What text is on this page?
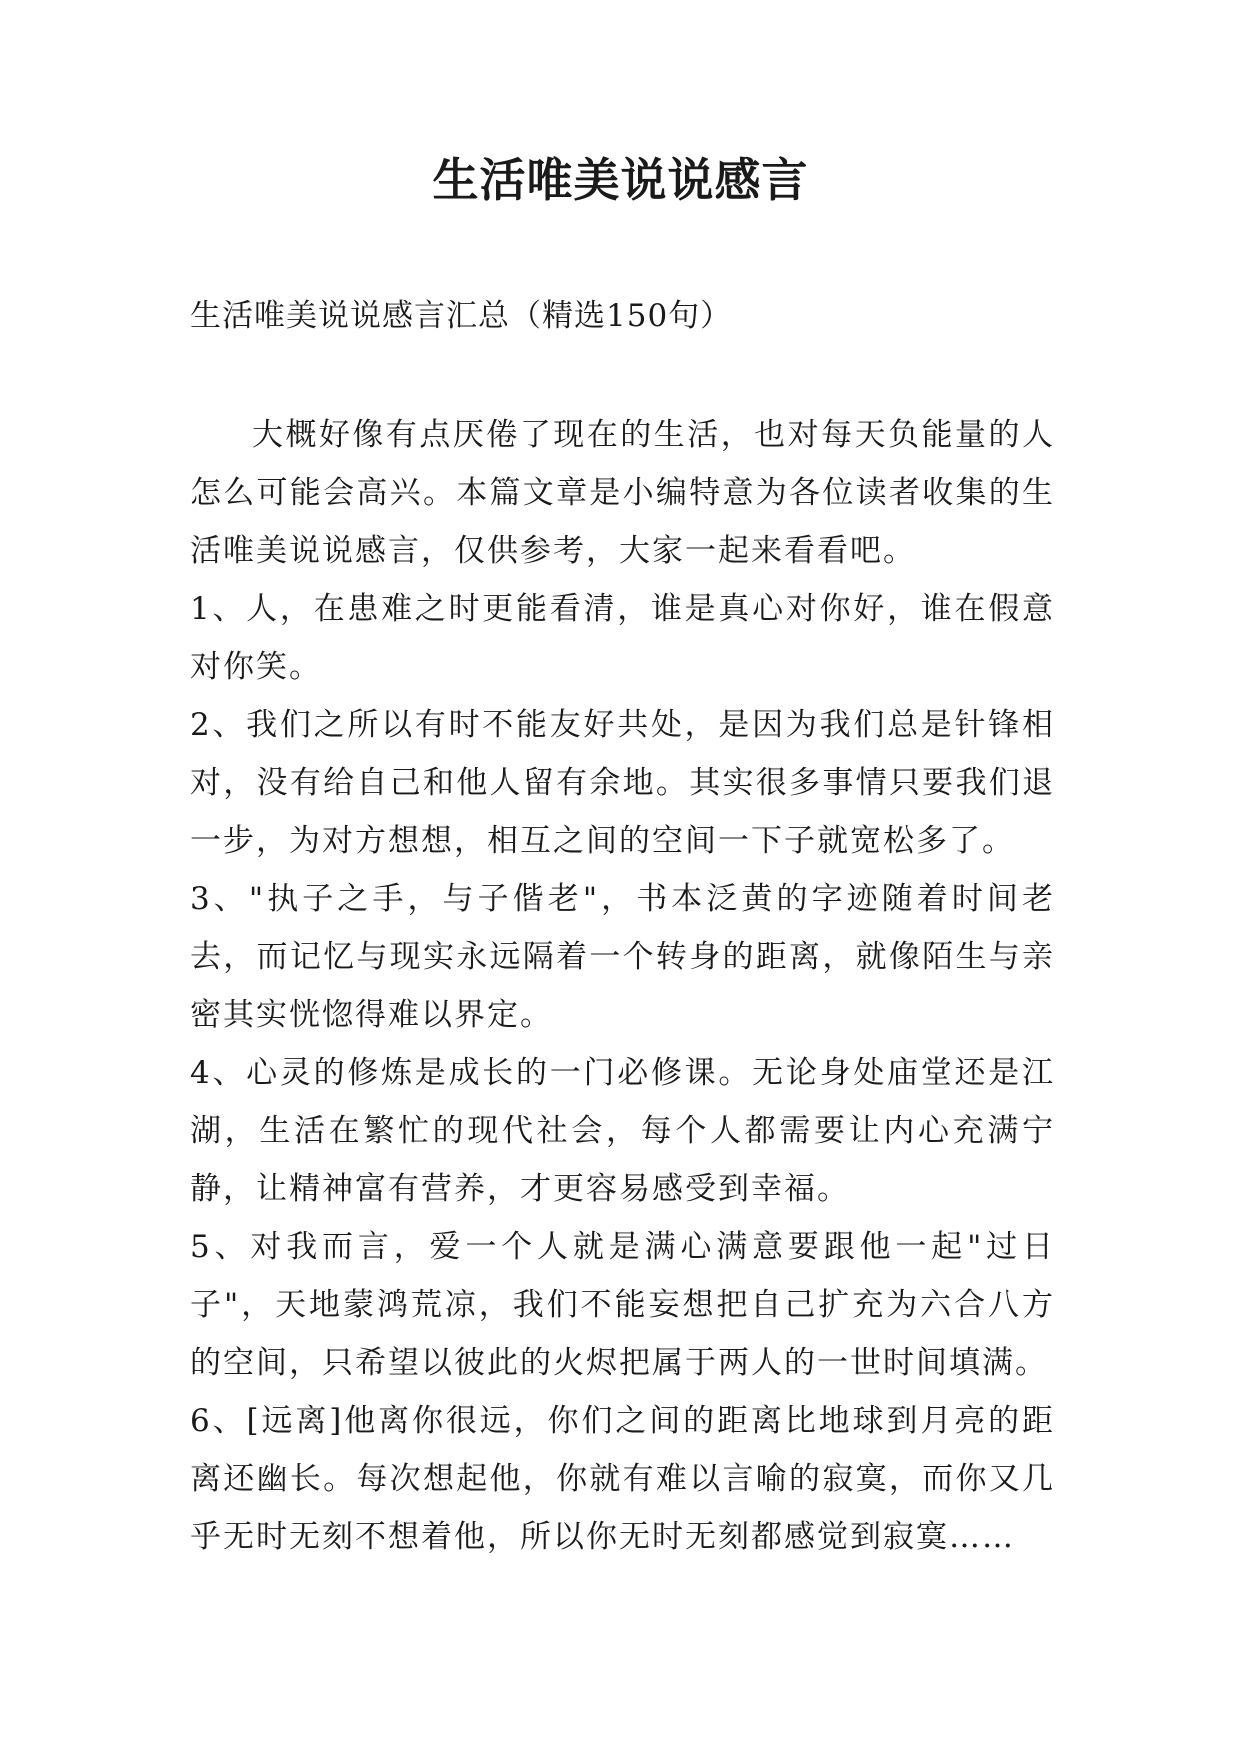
生活唯美说说感言
生活唯美说说感言汇总（精选150句）

大概好像有点厌倦了现在的生活，也对每天负能量的人怎么可能会高兴。本篇文章是小编特意为各位读者收集的生活唯美说说感言，仅供参考，大家一起来看看吧。

1、人，在患难之时更能看清，谁是真心对你好，谁在假意对你笑。

2、我们之所以有时不能友好共处，是因为我们总是针锋相对，没有给自己和他人留有余地。其实很多事情只要我们退一步，为对方想想，相互之间的空间一下子就宽松多了。

3、"执子之手，与子偕老"，书本泛黄的字迹随着时间老去，而记忆与现实永远隔着一个转身的距离，就像陌生与亲密其实恍惚得难以界定。

4、心灵的修炼是成长的一门必修课。无论身处庙堂还是江湖，生活在繁忙的现代社会，每个人都需要让内心充满宁静，让精神富有营养，才更容易感受到幸福。

5、对我而言，爱一个人就是满心满意要跟他一起"过日子"，天地蒙鸿荒凉，我们不能妄想把自己扩充为六合八方的空间，只希望以彼此的火烬把属于两人的一世时间填满。

6、[远离]他离你很远，你们之间的距离比地球到月亮的距离还幽长。每次想起他，你就有难以言喻的寂寞，而你又几乎无时无刻不想着他，所以你无时无刻都感觉到寂寞……
